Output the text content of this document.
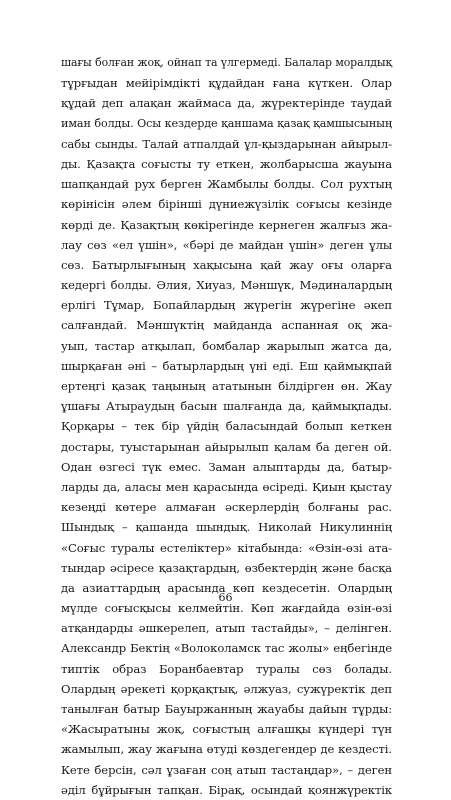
шағы болған жоқ, ойнап та үлгермеді. Балалар моралдық
тұрғыдан мейірімдікті құдайдан ғана күткен. Олар
құдай деп алақан жаймаса да, жүректерінде таудай
иман болды. Осы кездерде қаншама қазақ қамшысының
сабы сынды. Талай атпалдай ұл-қыздарынан айырыл-
ды. Қазақта соғысты ту еткен, жолбарысша жауына
шапқандай рух берген Жамбылы болды. Сол рухтың
көрінісін әлем бірінші дүниежүзілік соғысы кезінде
көрді де. Қазақтың көкірегінде кернеген жалғыз жа-
лау сөз «ел үшін», «бәрі де майдан үшін» деген ұлы
сөз. Батырлығының хақысына қай жау оғы оларға
кедергі болды. Әлия, Хиуаз, Мәншүк, Мәдиналардың
ерлігі Тұмар, Бопайлардың жүрегін жүрегіне әкеп
салғандай. Мәншүктің майданда аспанная оқ жа-
уып, тастар атқылап, бомбалар жарылып жатса да,
шырқаған әні – батырлардың үні еді. Еш қаймықпай
ертеңгі қазақ таңының ататынын білдірген өн. Жау
ұшағы Атыраудың басын шалғанда да, қаймықпады.
Қорқары – тек бір үйдің баласындай болып кеткен
достары, туыстарынан айырылып қалам ба деген ой.
Одан өзгесі түк емес. Заман алыптарды да, батыр-
ларды да, аласы мен қарасында өсіреді. Қиын қыстау
кезеңді көтере алмаған әскерлердің болғаны рас.
Шындық – қашанда шындық. Николай Никулиннің
«Соғыс туралы естеліктер» кітабында: «Өзін-өзі ата-
тындар әсіресе қазақтардың, өзбектердің және басқа
да азиаттардың арасында көп кездесетін. Олардың
мүлде соғысқысы келмейтін. Көп жағдайда өзін-өзі
атқандарды әшкерелеп, атып тастайды», – делінген.
Александр Бектің «Волоколамск тас жолы» еңбегінде
типтік образ Боранбаевтар туралы сөз болады.
Олардың әрекеті қорқақтық, әлжуаз, сужүректік деп
танылған батыр Бауыржанның жауабы дайын тұрды:
«Жасыратыны жоқ, соғыстың алғашқы күндері түн
жамылып, жау жағына өтуді көздегендер де кездесті.
Кете берсін, сәл ұзаған соң атып тастаңдар», – деген
әділ бұйрығын тапқан. Бірақ, осындай қоянжүректік
66
